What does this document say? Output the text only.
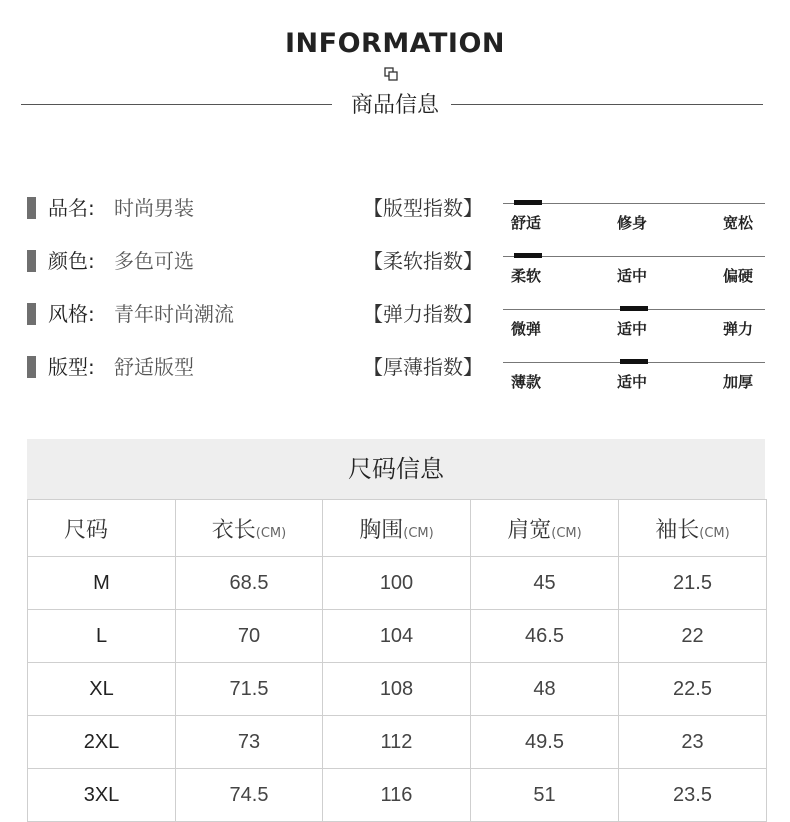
INFORMATION
商品信息
品名: 时尚男装
颜色: 多色可选
风格: 青年时尚潮流
版型: 舒适版型
【版型指数】
舒适	修身	宽松
【柔软指数】
柔软	适中	偏硬
【弹力指数】
微弹	适中	弹力
【厚薄指数】
薄款	适中	加厚
尺码信息
尺码	衣长(CM)	胸围(CM)	肩宽(CM)	袖长(CM)
M	68.5	100	45	21.5
L	70	104	46.5	22
XL	71.5	108	48	22.5
2XL	73	112	49.5	23
3XL	74.5	116	51	23.5
